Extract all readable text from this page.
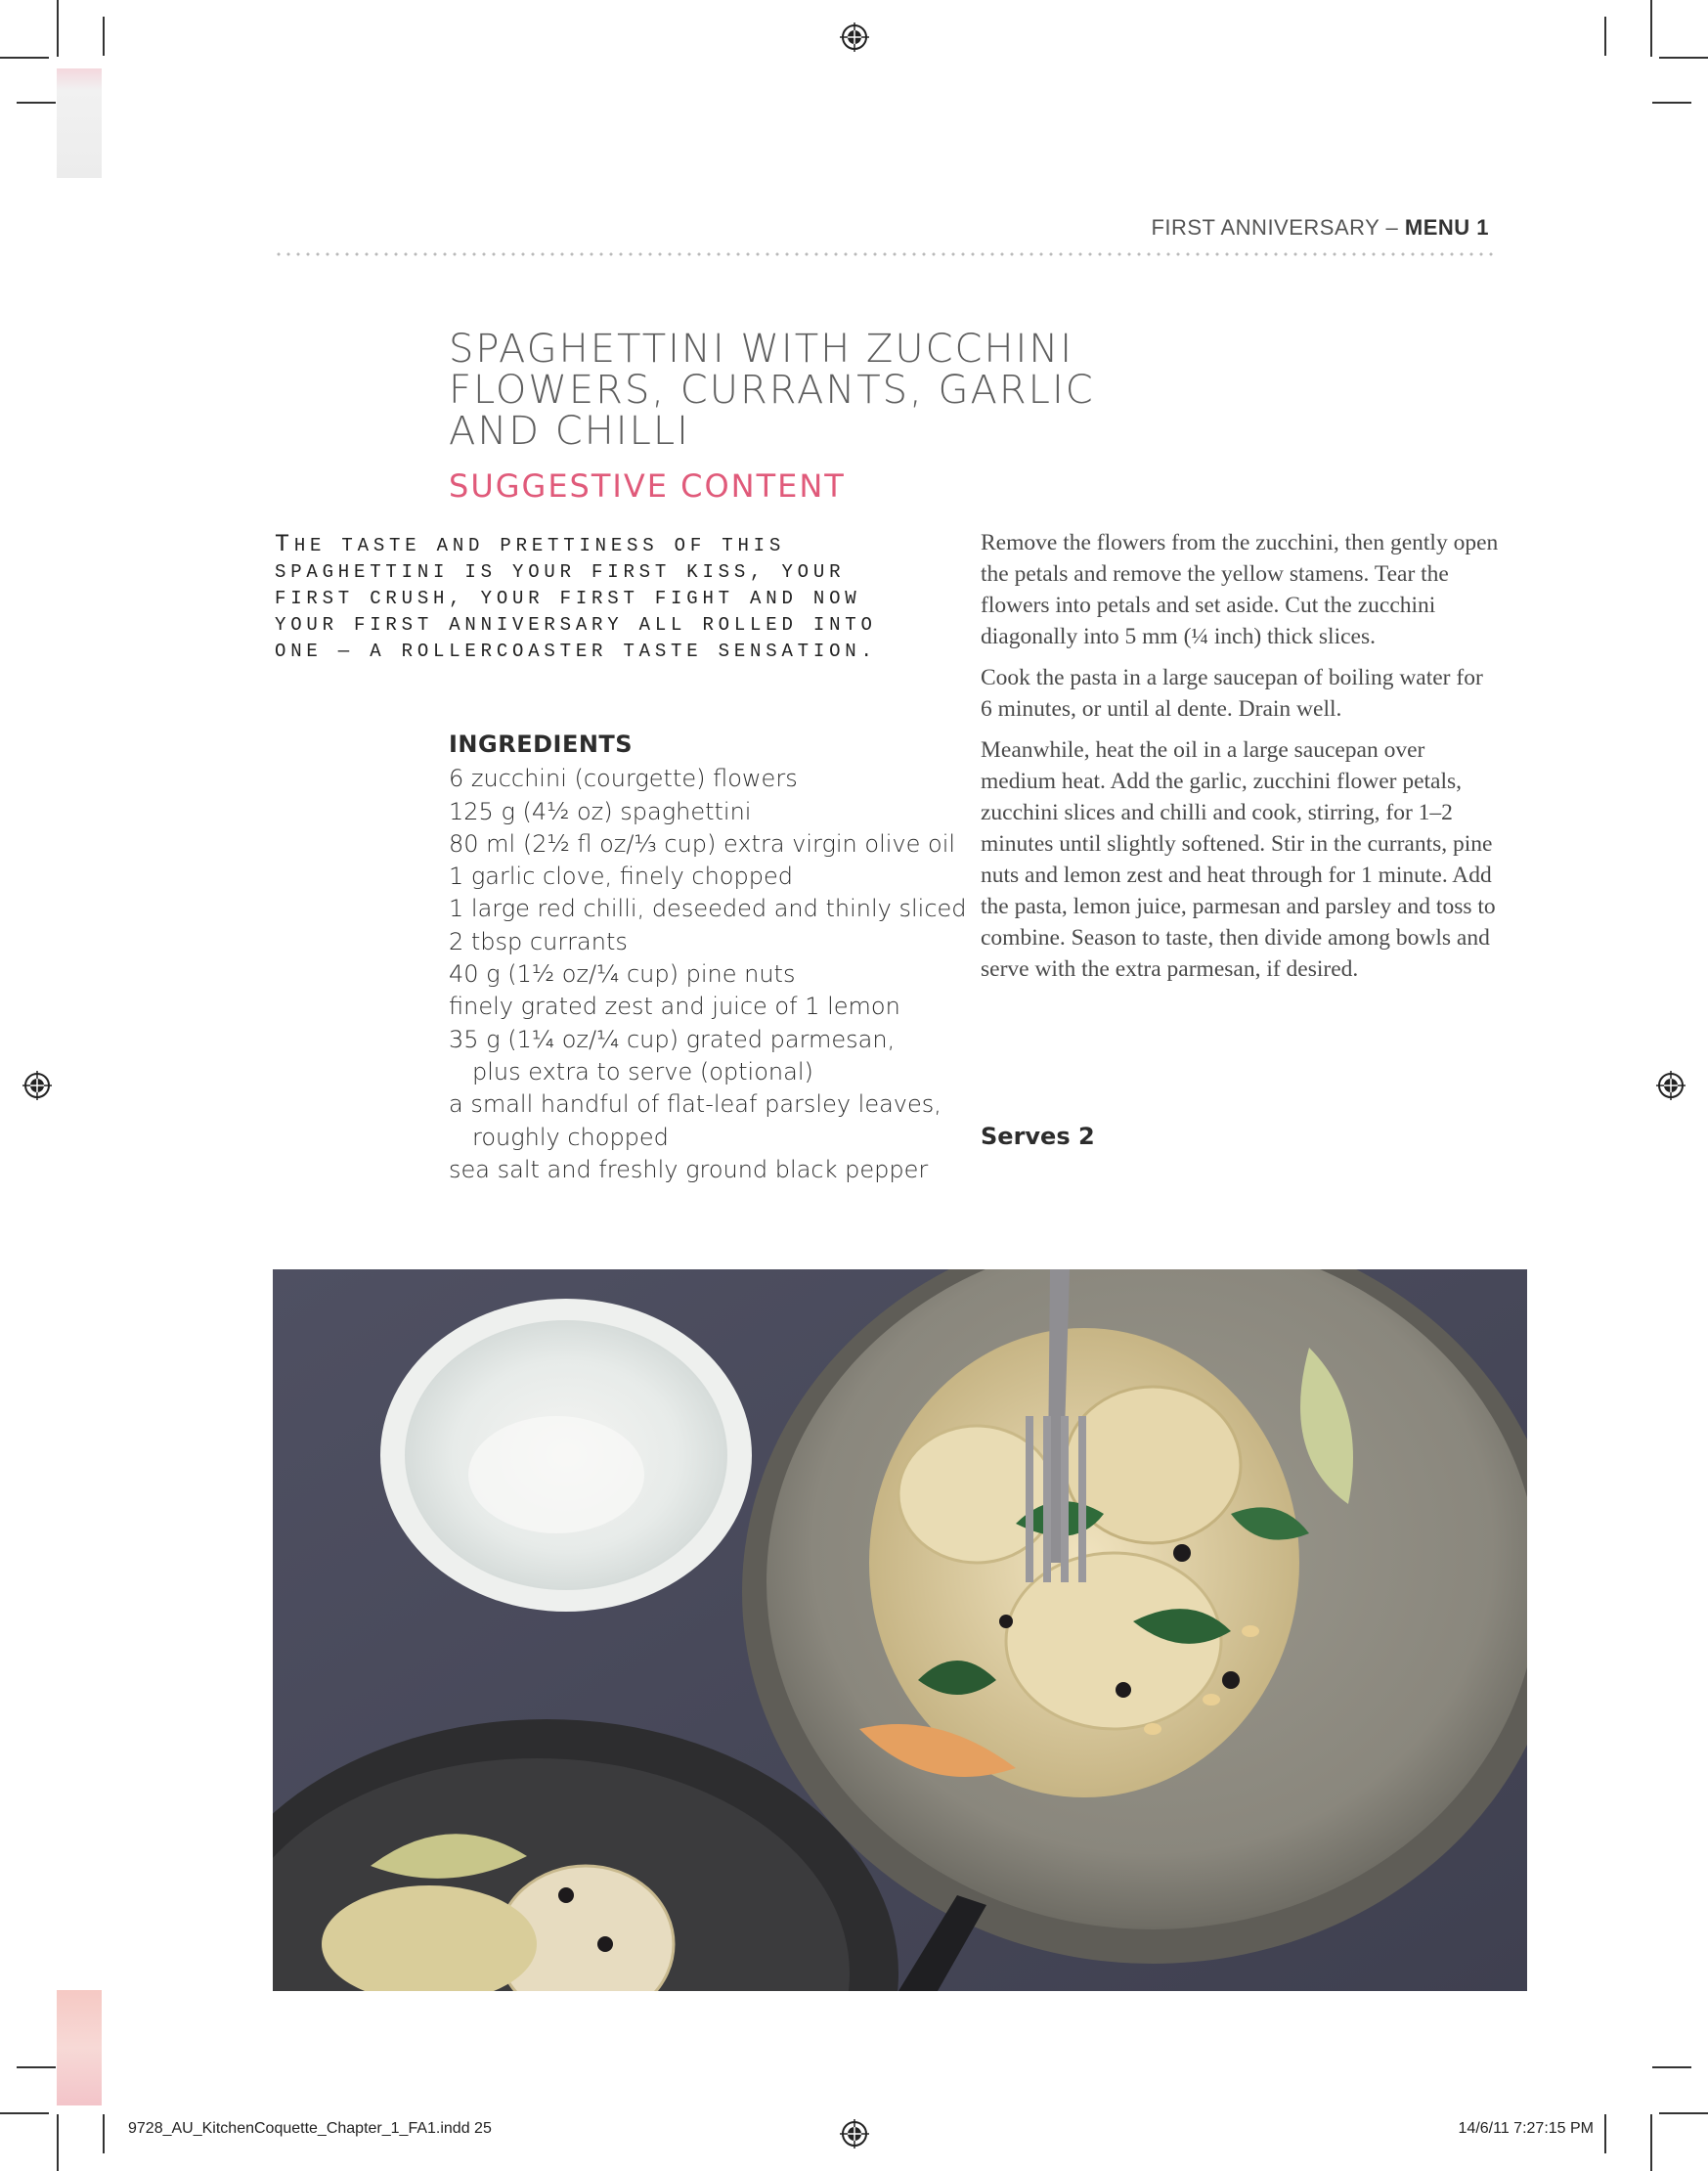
FIRST ANNIVERSARY – MENU 1
SPAGHETTINI WITH ZUCCHINI
FLOWERS, CURRANTS, GARLIC
AND CHILLI
SUGGESTIVE CONTENT
THE TASTE AND PRETTINESS OF THIS SPAGHETTINI IS YOUR FIRST KISS, YOUR FIRST CRUSH, YOUR FIRST FIGHT AND NOW YOUR FIRST ANNIVERSARY ALL ROLLED INTO ONE — A ROLLERCOASTER TASTE SENSATION.
INGREDIENTS
6 zucchini (courgette) flowers
125 g (4½ oz) spaghettini
80 ml (2½ fl oz/⅓ cup) extra virgin olive oil
1 garlic clove, finely chopped
1 large red chilli, deseeded and thinly sliced
2 tbsp currants
40 g (1½ oz/¼ cup) pine nuts
finely grated zest and juice of 1 lemon
35 g (1¼ oz/¼ cup) grated parmesan,
plus extra to serve (optional)
a small handful of flat-leaf parsley leaves,
roughly chopped
sea salt and freshly ground black pepper

Remove the flowers from the zucchini, then gently open the petals and remove the yellow stamens. Tear the flowers into petals and set aside. Cut the zucchini diagonally into 5 mm (¼ inch) thick slices.

Cook the pasta in a large saucepan of boiling water for 6 minutes, or until al dente. Drain well.

Meanwhile, heat the oil in a large saucepan over medium heat. Add the garlic, zucchini flower petals, zucchini slices and chilli and cook, stirring, for 1–2 minutes until slightly softened. Stir in the currants, pine nuts and lemon zest and heat through for 1 minute. Add the pasta, lemon juice, parmesan and parsley and toss to combine. Season to taste, then divide among bowls and serve with the extra parmesan, if desired.

Serves 2
9728_AU_KitchenCoquette_Chapter_1_FA1.indd 25	14/6/11 7:27:15 PM
